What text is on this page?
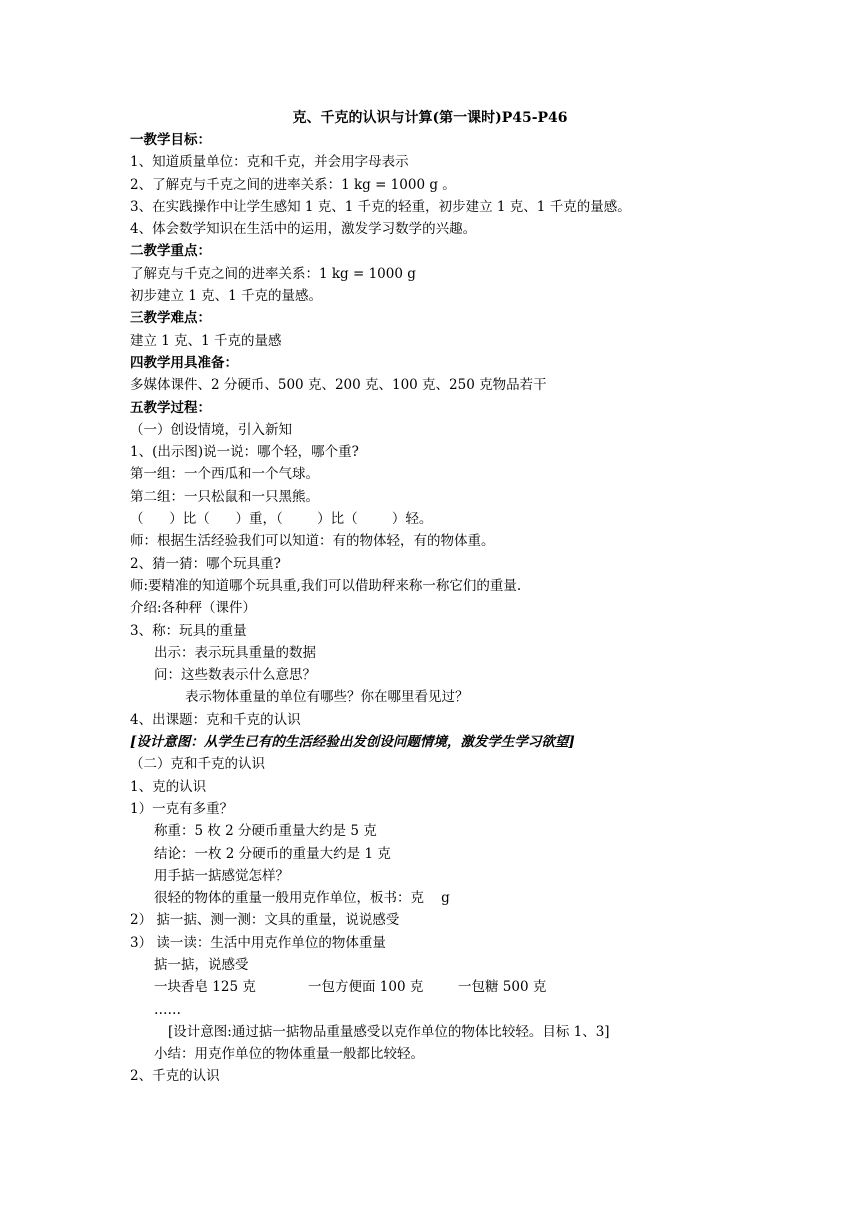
克、千克的认识与计算(第一课时)P45-P46
一教学目标：
1、知道质量单位：克和千克，并会用字母表示
2、了解克与千克之间的进率关系：1 kg = 1000 g 。
3、在实践操作中让学生感知 1 克、1 千克的轻重，初步建立 1 克、1 千克的量感。
4、体会数学知识在生活中的运用，激发学习数学的兴趣。
二教学重点：
了解克与千克之间的进率关系：1 kg = 1000 g
初步建立 1 克、1 千克的量感。
三教学难点：
建立 1 克、1 千克的量感
四教学用具准备：
多媒体课件、2 分硬币、500 克、200 克、100 克、250 克物品若干
五教学过程：
（一）创设情境，引入新知
1、(出示图)说一说：哪个轻，哪个重?
第一组：一个西瓜和一个气球。
第二组：一只松鼠和一只黑熊。
（      ）比（      ）重，（        ）比（        ）轻。
师：根据生活经验我们可以知道：有的物体轻，有的物体重。
2、猜一猜：哪个玩具重?
师:要精准的知道哪个玩具重,我们可以借助秤来称一称它们的重量.
介绍:各种秤（课件）
3、称：玩具的重量
出示：表示玩具重量的数据
问：这些数表示什么意思？
表示物体重量的单位有哪些？你在哪里看见过？
4、出课题：克和千克的认识
[设计意图：从学生已有的生活经验出发创设问题情境，激发学生学习欲望]
（二）克和千克的认识
1、克的认识
1）一克有多重？
称重：5 枚 2 分硬币重量大约是 5 克
结论：一枚 2 分硬币的重量大约是 1 克
用手掂一掂感觉怎样？
很轻的物体的重量一般用克作单位，板书：克    g
2） 掂一掂、测一测：文具的重量，说说感受
3） 读一读：生活中用克作单位的物体重量
掂一掂，说感受
一块香皂 125 克	一包方便面 100 克	一包糖 500 克
……
[设计意图:通过掂一掂物品重量感受以克作单位的物体比较轻。目标 1、3]
小结：用克作单位的物体重量一般都比较轻。
2、千克的认识
